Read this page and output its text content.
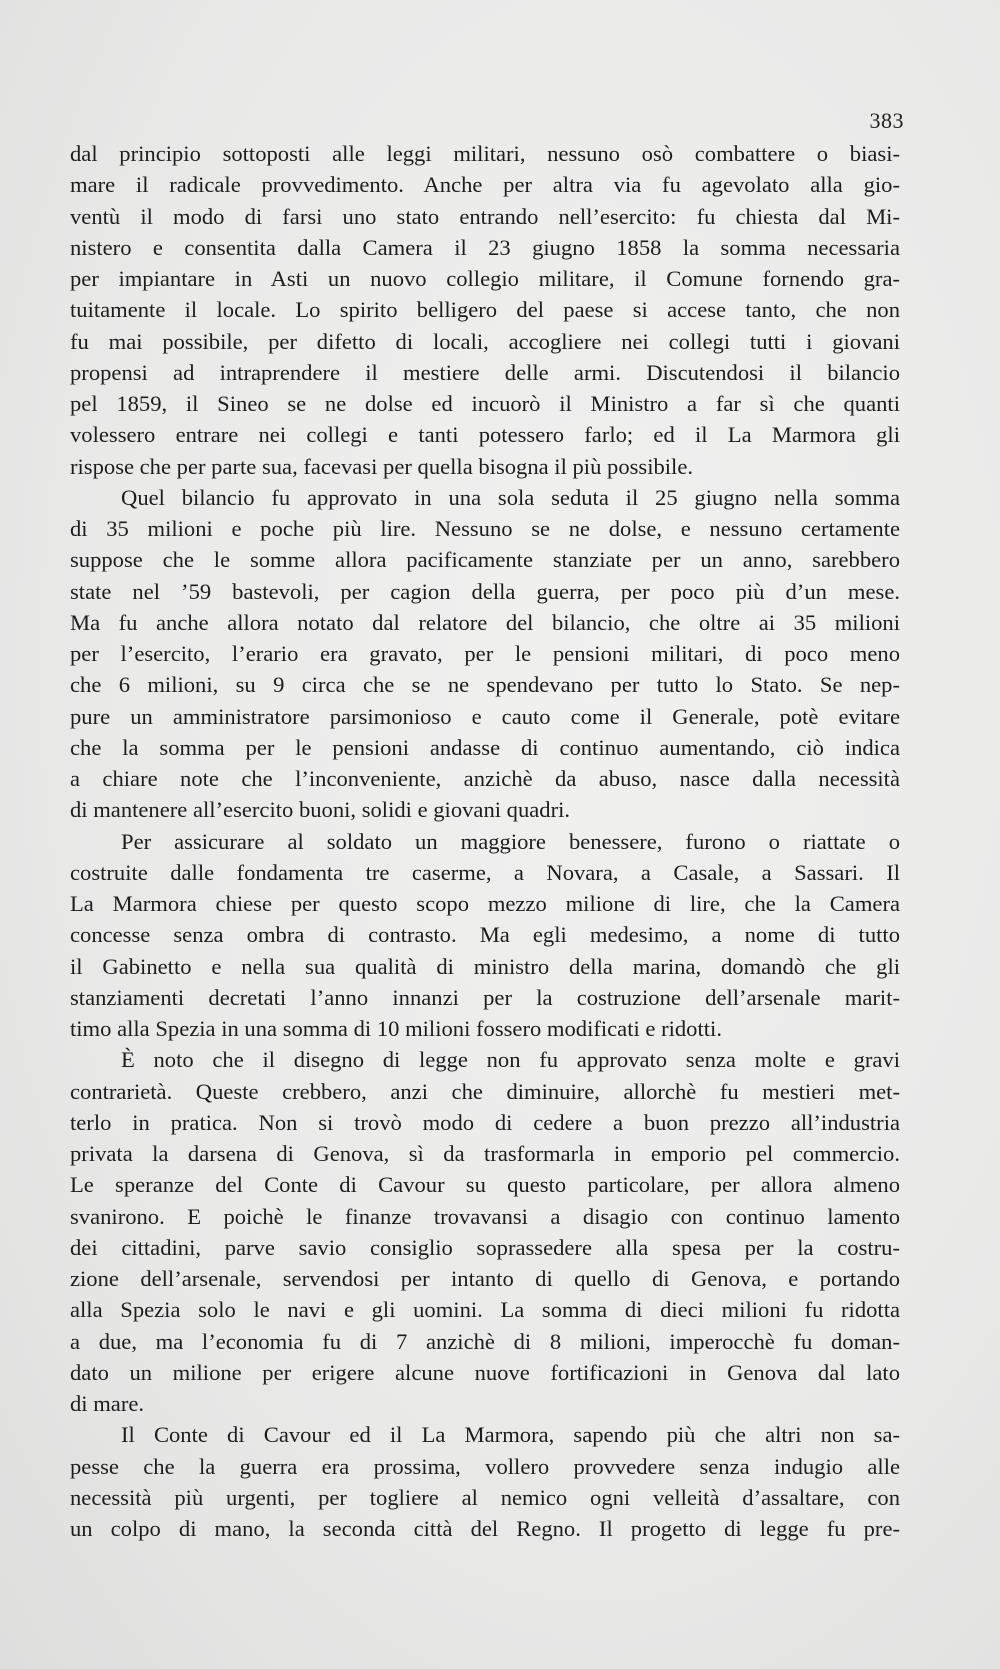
383
dal principio sottoposti alle leggi militari, nessuno osò combattere o biasi-
mare il radicale provvedimento. Anche per altra via fu agevolato alla gio-
ventù il modo di farsi uno stato entrando nell’esercito: fu chiesta dal Mi-
nistero e consentita dalla Camera il 23 giugno 1858 la somma necessaria
per impiantare in Asti un nuovo collegio militare, il Comune fornendo gra-
tuitamente il locale. Lo spirito belligero del paese si accese tanto, che non
fu mai possibile, per difetto di locali, accogliere nei collegi tutti i giovani
propensi ad intraprendere il mestiere delle armi. Discutendosi il bilancio
pel 1859, il Sineo se ne dolse ed incuorò il Ministro a far sì che quanti
volessero entrare nei collegi e tanti potessero farlo; ed il La Marmora gli
rispose che per parte sua, facevasi per quella bisogna il più possibile.
Quel bilancio fu approvato in una sola seduta il 25 giugno nella somma
di 35 milioni e poche più lire. Nessuno se ne dolse, e nessuno certamente
suppose che le somme allora pacificamente stanziate per un anno, sarebbero
state nel ’59 bastevoli, per cagion della guerra, per poco più d’un mese.
Ma fu anche allora notato dal relatore del bilancio, che oltre ai 35 milioni
per l’esercito, l’erario era gravato, per le pensioni militari, di poco meno
che 6 milioni, su 9 circa che se ne spendevano per tutto lo Stato. Se nep-
pure un amministratore parsimonioso e cauto come il Generale, potè evitare
che la somma per le pensioni andasse di continuo aumentando, ciò indica
a chiare note che l’inconveniente, anzichè da abuso, nasce dalla necessità
di mantenere all’esercito buoni, solidi e giovani quadri.
Per assicurare al soldato un maggiore benessere, furono o riattate o
costruite dalle fondamenta tre caserme, a Novara, a Casale, a Sassari. Il
La Marmora chiese per questo scopo mezzo milione di lire, che la Camera
concesse senza ombra di contrasto. Ma egli medesimo, a nome di tutto
il Gabinetto e nella sua qualità di ministro della marina, domandò che gli
stanziamenti decretati l’anno innanzi per la costruzione dell’arsenale marit-
timo alla Spezia in una somma di 10 milioni fossero modificati e ridotti.
È noto che il disegno di legge non fu approvato senza molte e gravi
contrarietà. Queste crebbero, anzi che diminuire, allorchè fu mestieri met-
terlo in pratica. Non si trovò modo di cedere a buon prezzo all’industria
privata la darsena di Genova, sì da trasformarla in emporio pel commercio.
Le speranze del Conte di Cavour su questo particolare, per allora almeno
svanirono. E poichè le finanze trovavansi a disagio con continuo lamento
dei cittadini, parve savio consiglio soprassedere alla spesa per la costru-
zione dell’arsenale, servendosi per intanto di quello di Genova, e portando
alla Spezia solo le navi e gli uomini. La somma di dieci milioni fu ridotta
a due, ma l’economia fu di 7 anzichè di 8 milioni, imperocchè fu doman-
dato un milione per erigere alcune nuove fortificazioni in Genova dal lato
di mare.
Il Conte di Cavour ed il La Marmora, sapendo più che altri non sa-
pesse che la guerra era prossima, vollero provvedere senza indugio alle
necessità più urgenti, per togliere al nemico ogni velleità d’assaltare, con
un colpo di mano, la seconda città del Regno. Il progetto di legge fu pre-
